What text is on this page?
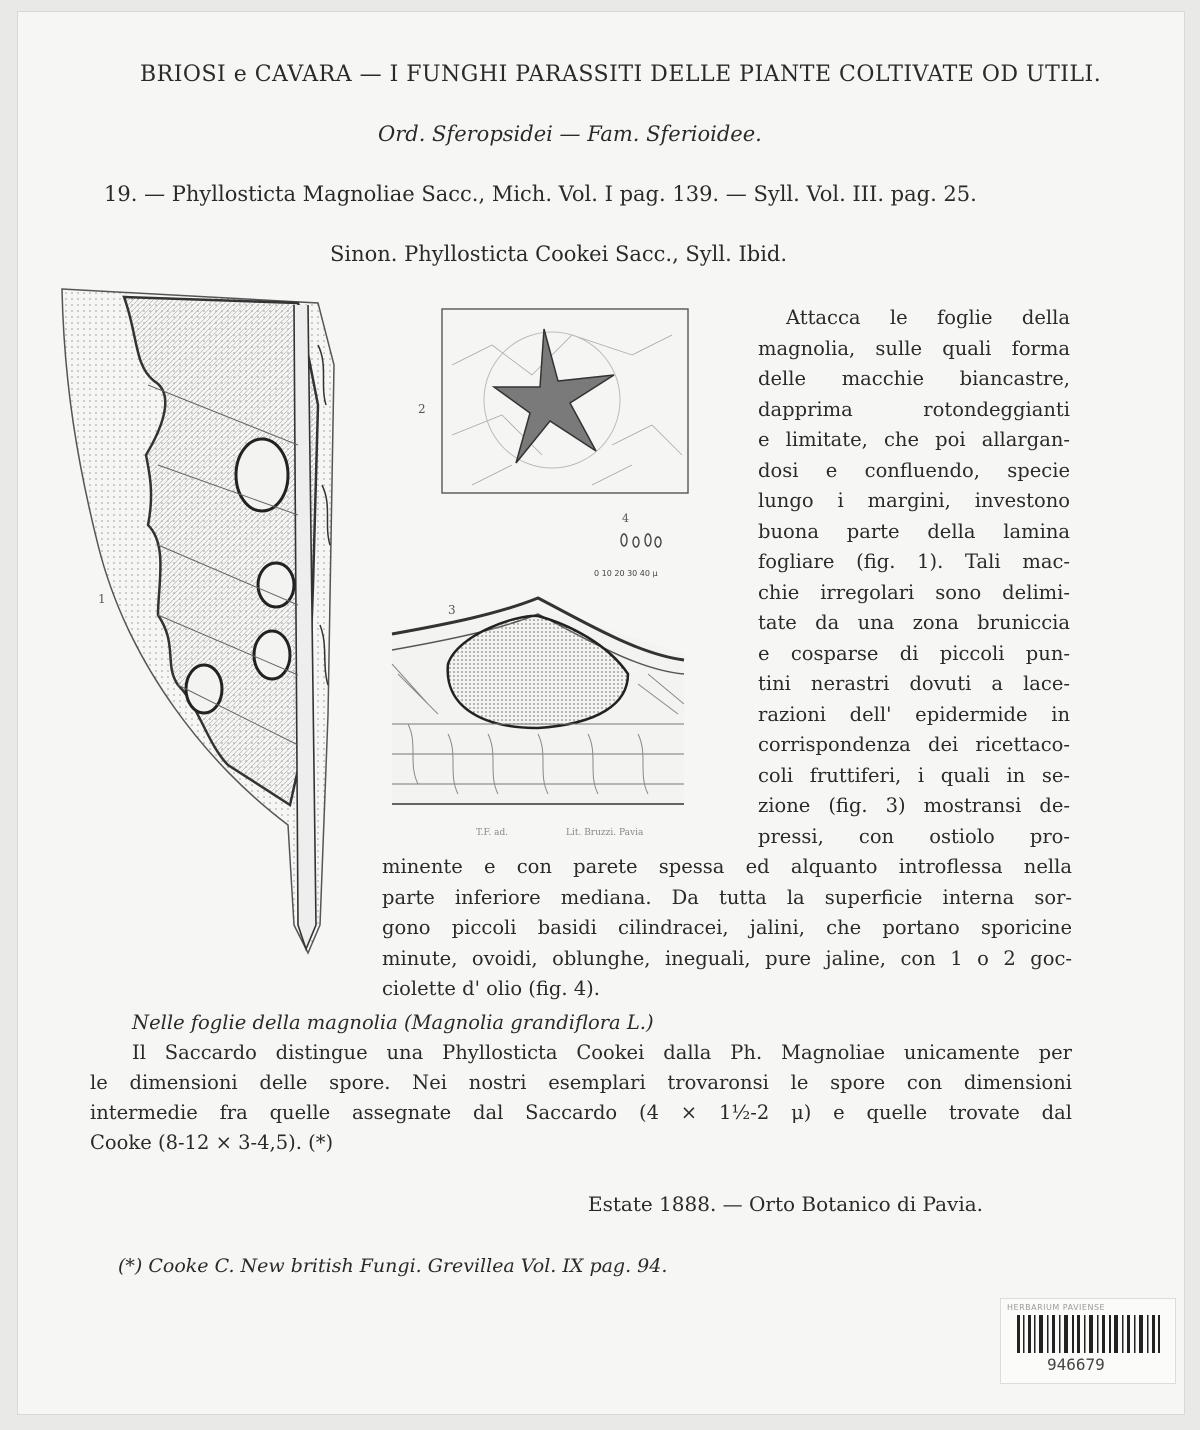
BRIOSI e CAVARA — I FUNGHI PARASSITI DELLE PIANTE COLTIVATE OD UTILI.
Ord. Sferopsidei — Fam. Sferioidee.
19. — Phyllosticta Magnoliae Sacc., Mich. Vol. I pag. 139. — Syll. Vol. III. pag. 25.
Sinon. Phyllosticta Cookei Sacc., Syll. Ibid.
1
2
4
0 10 20 30 40 μ
3
T.F. ad.	Lit. Bruzzi. Pavia
Attacca le foglie della
magnolia, sulle quali forma
delle macchie biancastre,
dapprima rotondeggianti
e limitate, che poi allargan-
dosi e confluendo, specie
lungo i margini, investono
buona parte della lamina
fogliare (fig. 1). Tali mac-
chie irregolari sono delimi-
tate da una zona bruniccia
e cosparse di piccoli pun-
tini nerastri dovuti a lace-
razioni dell' epidermide in
corrispondenza dei ricettaco-
coli fruttiferi, i quali in se-
zione (fig. 3) mostransi de-
pressi, con ostiolo pro-
minente e con parete spessa ed alquanto introflessa nella
parte inferiore mediana. Da tutta la superficie interna sor-
gono piccoli basidi cilindracei, jalini, che portano sporicine
minute, ovoidi, oblunghe, ineguali, pure jaline, con 1 o 2 goc-
ciolette d' olio (fig. 4).
Nelle foglie della magnolia (Magnolia grandiflora L.)
Il Saccardo distingue una Phyllosticta Cookei dalla Ph. Magnoliae unicamente per
le dimensioni delle spore. Nei nostri esemplari trovaronsi le spore con dimensioni
intermedie fra quelle assegnate dal Saccardo (4 × 1½-2 μ) e quelle trovate dal
Cooke (8-12 × 3-4,5). (*)
Estate 1888. — Orto Botanico di Pavia.
(*) Cooke C. New british Fungi. Grevillea Vol. IX pag. 94.
HERBARIUM PAVIENSE
946679
